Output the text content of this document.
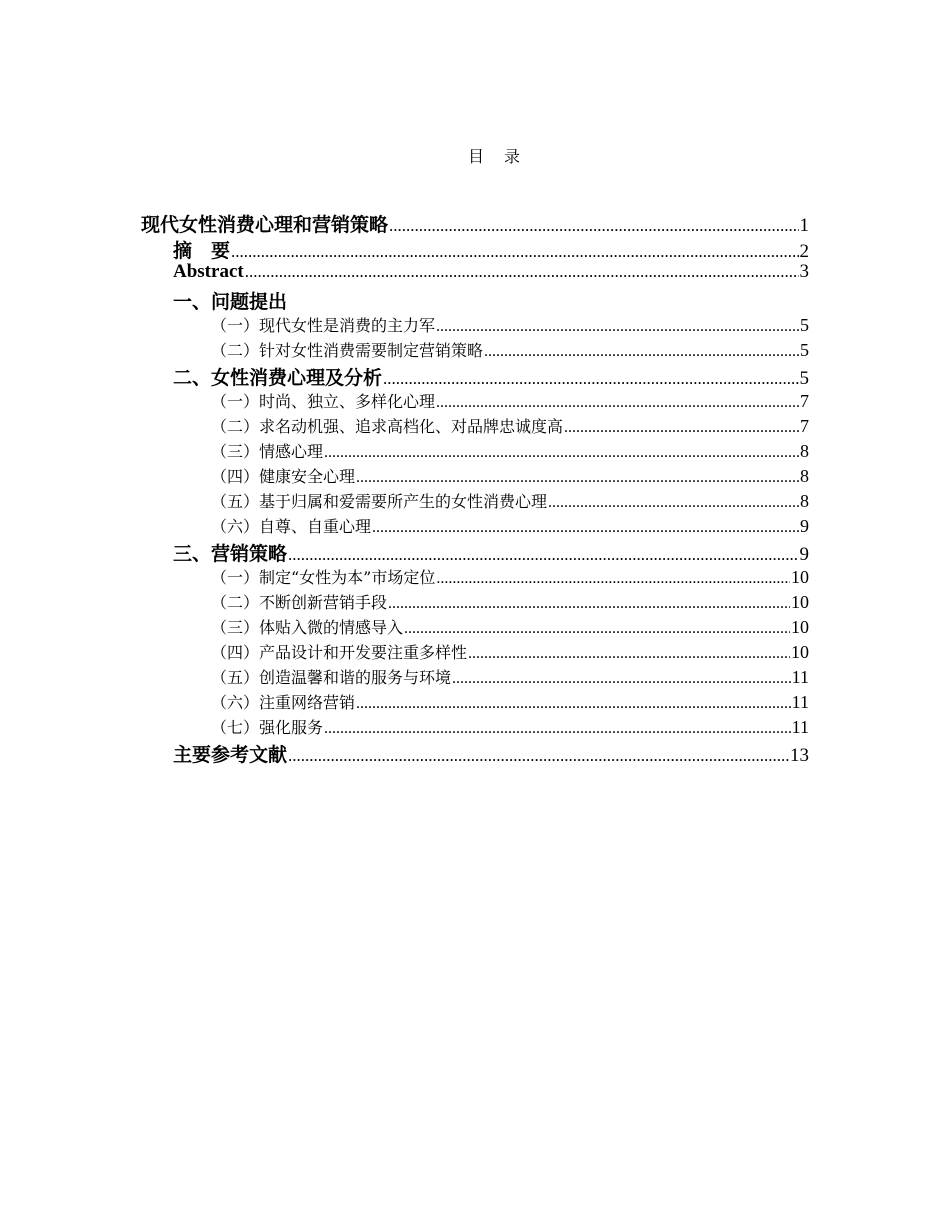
目　录
现代女性消费心理和营销策略 .....	1
摘　要 .....	2
Abstract .....	3
一、问题提出
（一）现代女性是消费的主力军 .....	5
（二）针对女性消费需要制定营销策略 .....	5
二、女性消费心理及分析 .....	5
（一）时尚、独立、多样化心理 .....	7
（二）求名动机强、追求高档化、对品牌忠诚度高 .....	7
（三）情感心理 .....	8
（四）健康安全心理 .....	8
（五）基于归属和爱需要所产生的女性消费心理 .....	8
（六）自尊、自重心理 .....	9
三、营销策略 .....	9
（一）制定“女性为本”市场定位 .....	10
（二）不断创新营销手段 .....	10
（三）体贴入微的情感导入 .....	10
（四）产品设计和开发要注重多样性 .....	10
（五）创造温馨和谐的服务与环境 .....	11
（六）注重网络营销 .....	11
（七）强化服务 .....	11
主要参考文献 .....	13
